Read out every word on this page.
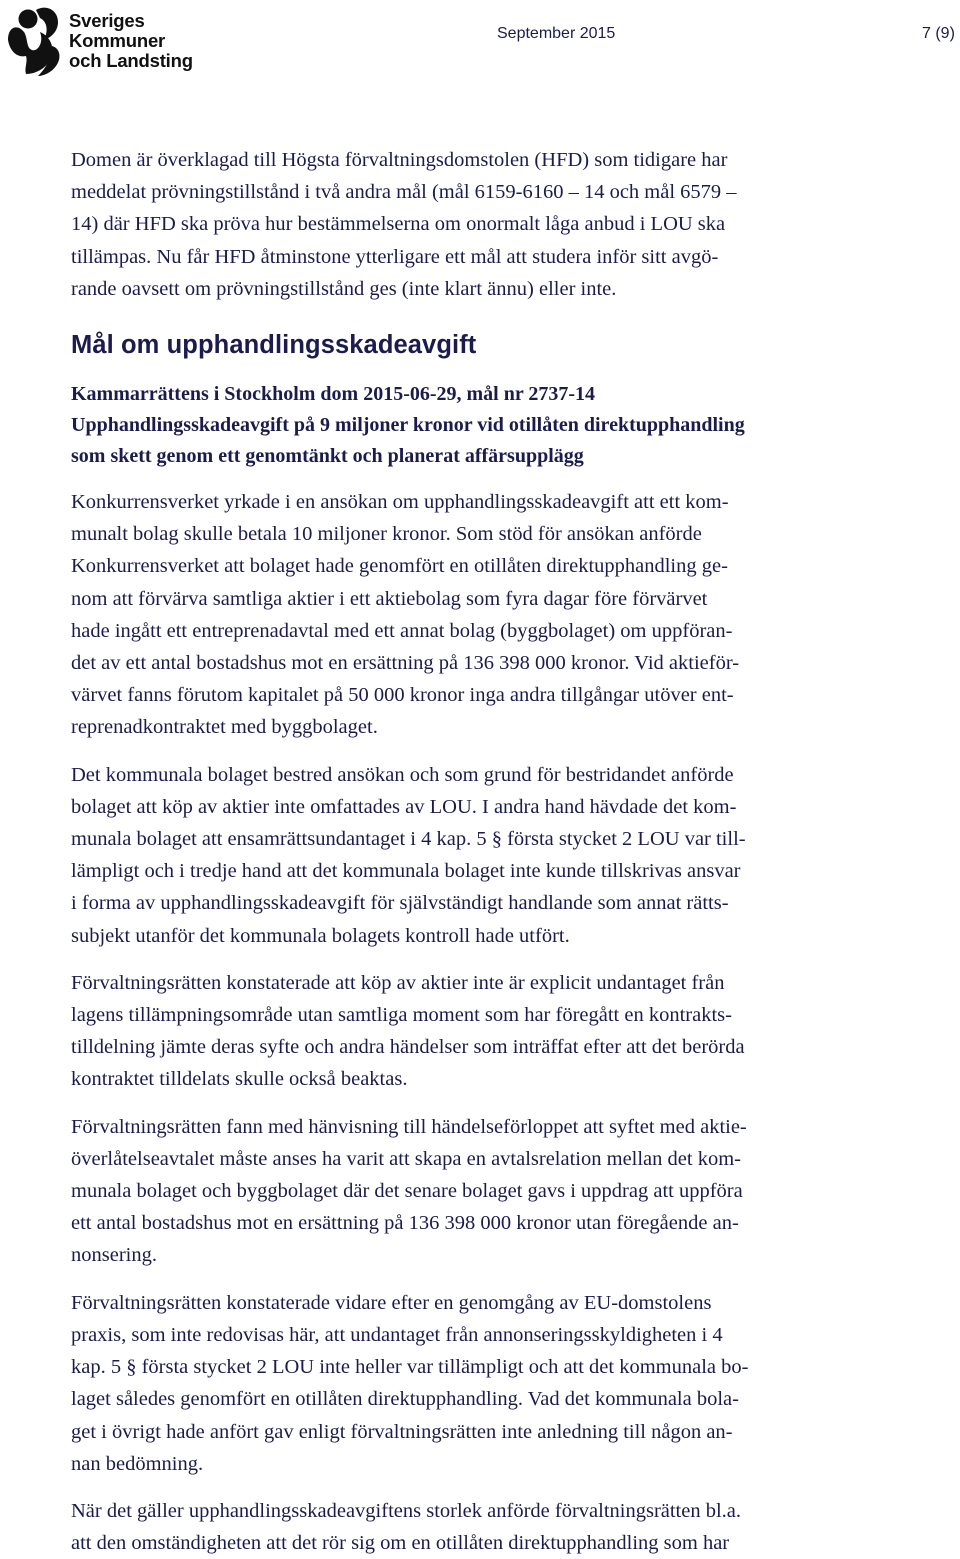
Sveriges
Kommuner
och Landsting
September 2015	7 (9)

Domen är överklagad till Högsta förvaltningsdomstolen (HFD) som tidigare har
meddelat prövningstillstånd i två andra mål (mål 6159-6160 – 14 och mål 6579 –
14) där HFD ska pröva hur bestämmelserna om onormalt låga anbud i LOU ska
tillämpas. Nu får HFD åtminstone ytterligare ett mål att studera inför sitt avgö-
rande oavsett om prövningstillstånd ges (inte klart ännu) eller inte.

Mål om upphandlingsskadeavgift
Kammarrättens i Stockholm dom 2015-06-29, mål nr 2737-14
Upphandlingsskadeavgift på 9 miljoner kronor vid otillåten direktupphandling
som skett genom ett genomtänkt och planerat affärsupplägg

Konkurrensverket yrkade i en ansökan om upphandlingsskadeavgift att ett kom-
munalt bolag skulle betala 10 miljoner kronor. Som stöd för ansökan anförde
Konkurrensverket att bolaget hade genomfört en otillåten direktupphandling ge-
nom att förvärva samtliga aktier i ett aktiebolag som fyra dagar före förvärvet
hade ingått ett entreprenadavtal med ett annat bolag (byggbolaget) om uppföran-
det av ett antal bostadshus mot en ersättning på 136 398 000 kronor. Vid aktieför-
värvet fanns förutom kapitalet på 50 000 kronor inga andra tillgångar utöver ent-
reprenadkontraktet med byggbolaget.

Det kommunala bolaget bestred ansökan och som grund för bestridandet anförde
bolaget att köp av aktier inte omfattades av LOU. I andra hand hävdade det kom-
munala bolaget att ensamrättsundantaget i 4 kap. 5 § första stycket 2 LOU var till-
lämpligt och i tredje hand att det kommunala bolaget inte kunde tillskrivas ansvar
i forma av upphandlingsskadeavgift för självständigt handlande som annat rätts-
subjekt utanför det kommunala bolagets kontroll hade utfört.

Förvaltningsrätten konstaterade att köp av aktier inte är explicit undantaget från
lagens tillämpningsområde utan samtliga moment som har föregått en kontrakts-
tilldelning jämte deras syfte och andra händelser som inträffat efter att det berörda
kontraktet tilldelats skulle också beaktas.

Förvaltningsrätten fann med hänvisning till händelseförloppet att syftet med aktie-
överlåtelseavtalet måste anses ha varit att skapa en avtalsrelation mellan det kom-
munala bolaget och byggbolaget där det senare bolaget gavs i uppdrag att uppföra
ett antal bostadshus mot en ersättning på 136 398 000 kronor utan föregående an-
nonsering.

Förvaltningsrätten konstaterade vidare efter en genomgång av EU-domstolens
praxis, som inte redovisas här, att undantaget från annonseringsskyldigheten i 4
kap. 5 § första stycket 2 LOU inte heller var tillämpligt och att det kommunala bo-
laget således genomfört en otillåten direktupphandling. Vad det kommunala bola-
get i övrigt hade anfört gav enligt förvaltningsrätten inte anledning till någon an-
nan bedömning.

När det gäller upphandlingsskadeavgiftens storlek anförde förvaltningsrätten bl.a.
att den omständigheten att det rör sig om en otillåten direktupphandling som har
